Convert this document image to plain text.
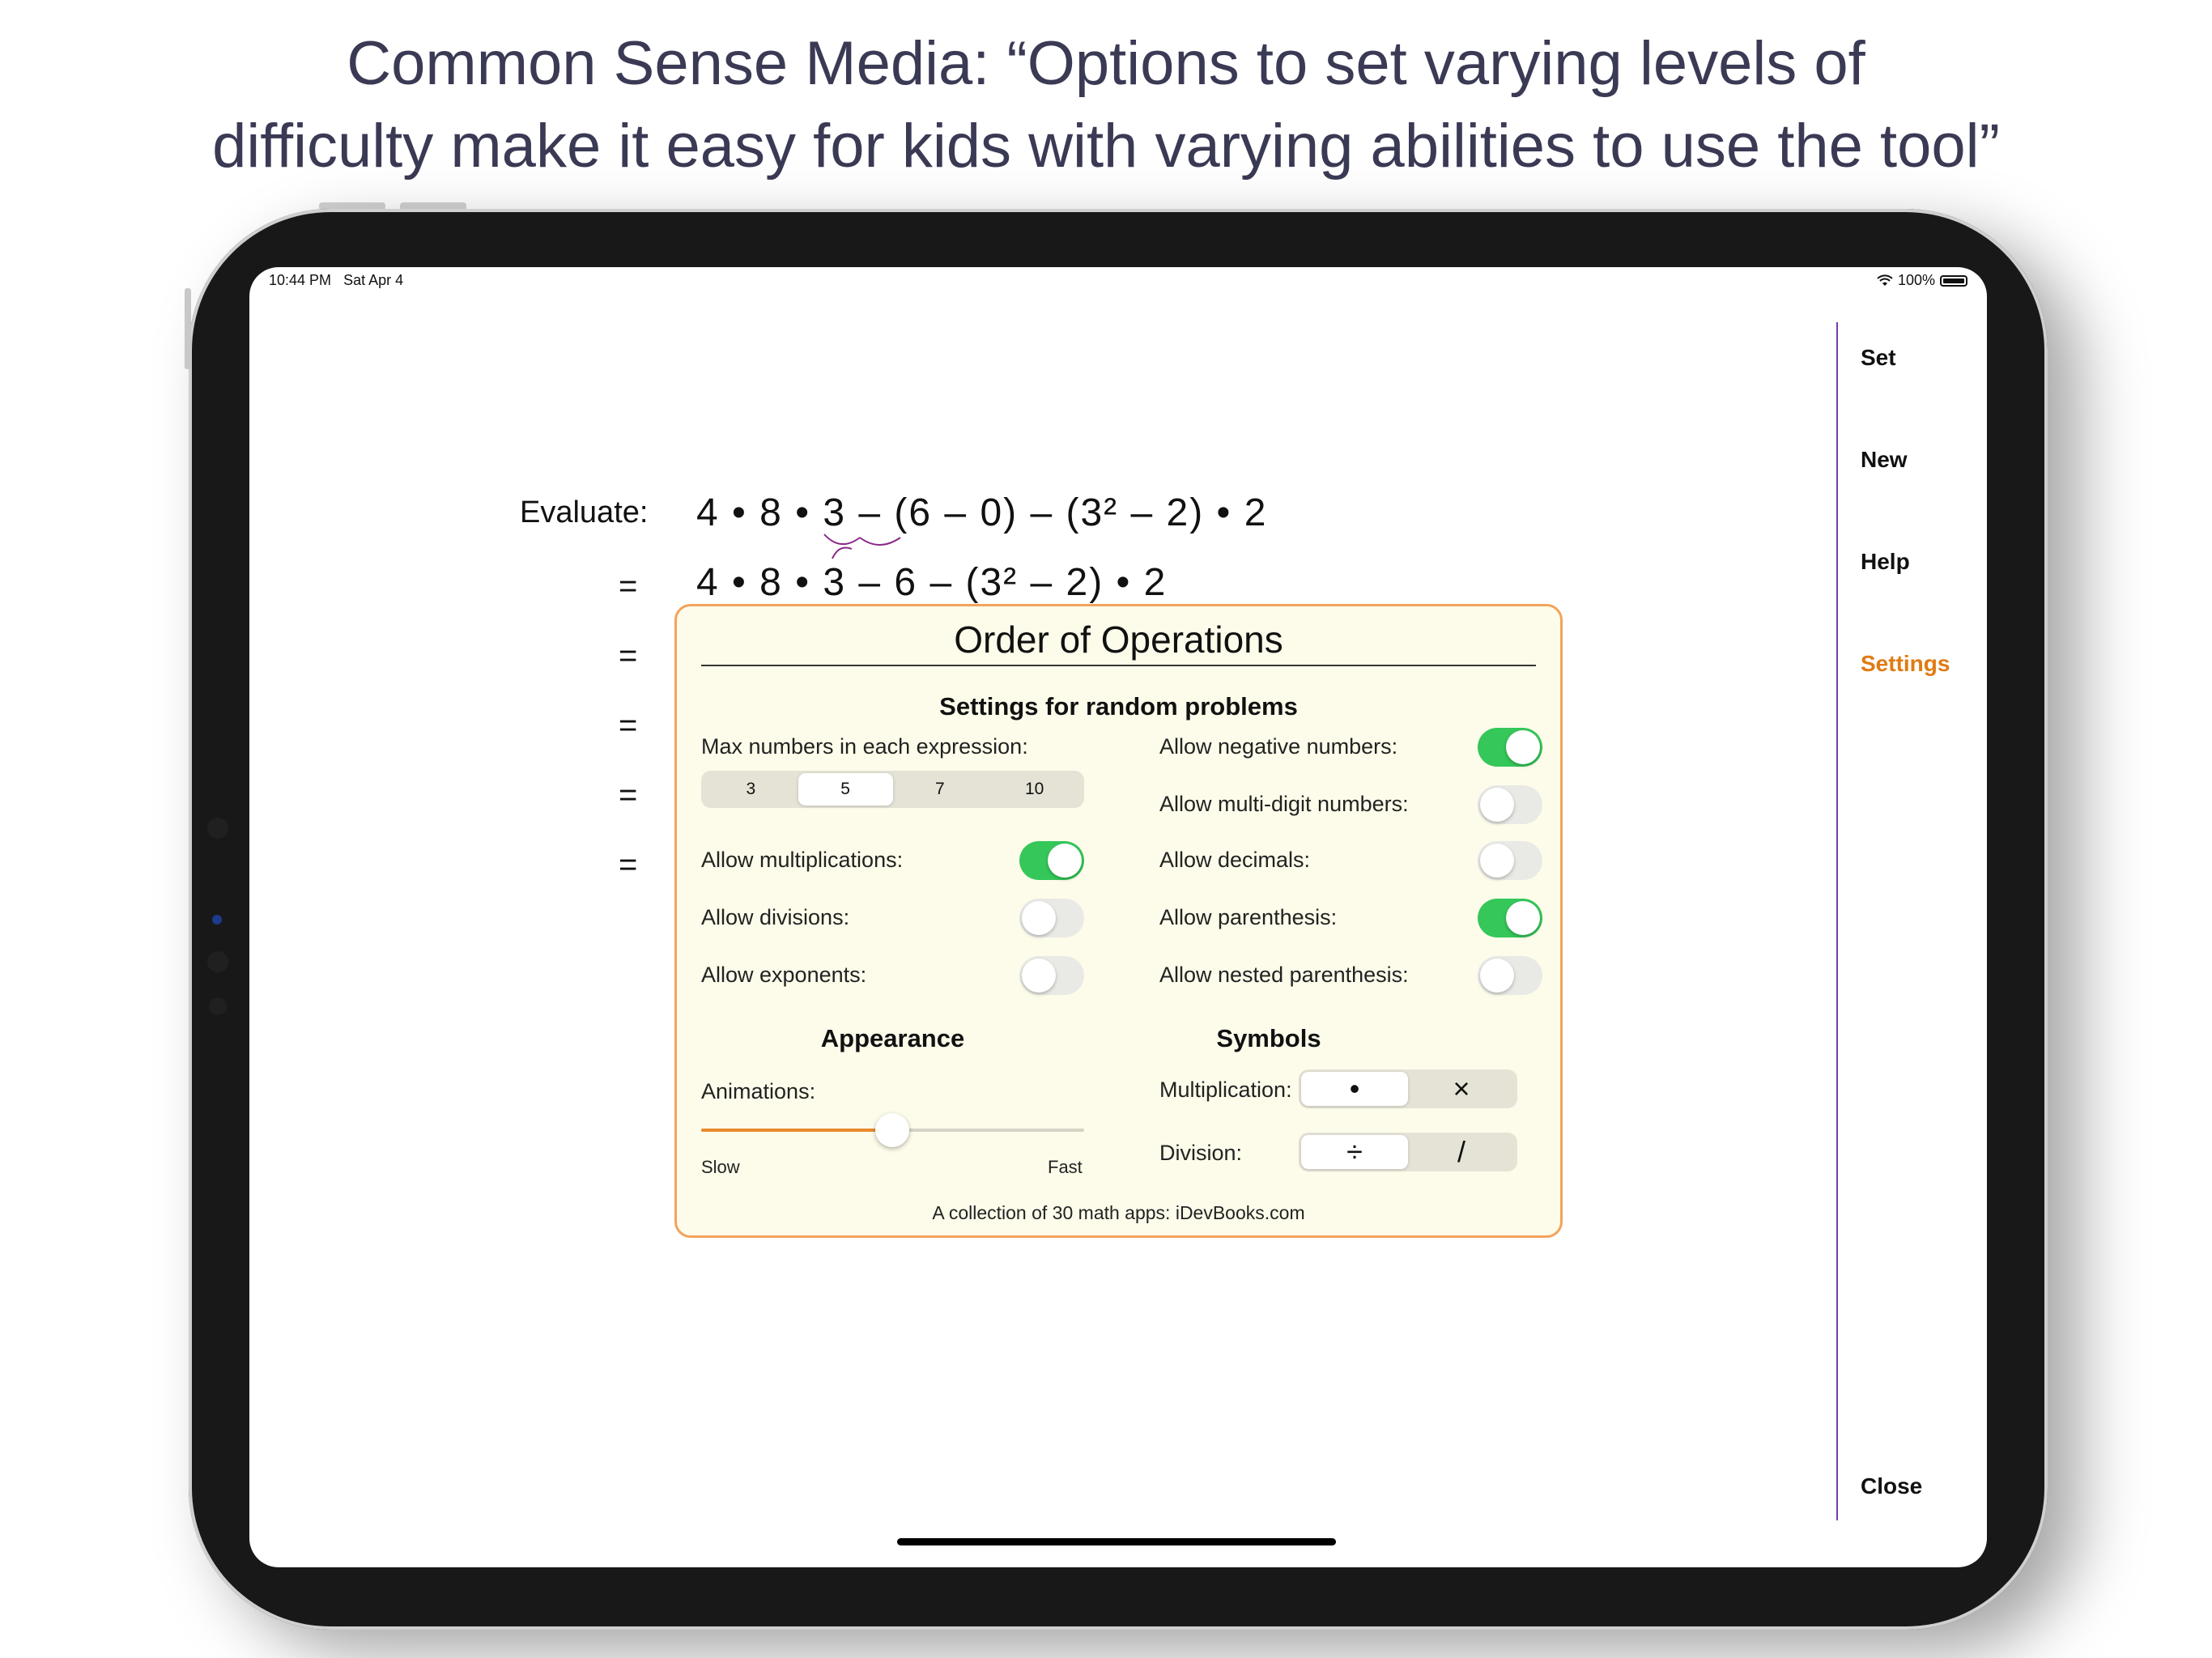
Common Sense Media: “Options to set varying levels of
difficulty make it easy for kids with varying abilities to use the tool”
10:44 PM Sat Apr 4	100%
Evaluate: 4 • 8 • 3 – (6 – 0) – (3² – 2) • 2
= 4 • 8 • 3 – 6 – (3² – 2) • 2
=
=
=
=
Set
New
Help
Settings
Close
Order of Operations
Settings for random problems
Max numbers in each expression:
3	5	7	10
Allow multiplications:
Allow divisions:
Allow exponents:
Allow negative numbers:
Allow multi-digit numbers:
Allow decimals:
Allow parenthesis:
Allow nested parenthesis:
Appearance
Animations:
Slow	Fast
Symbols
Multiplication:	•	×
Division:	÷	/
A collection of 30 math apps: iDevBooks.com
